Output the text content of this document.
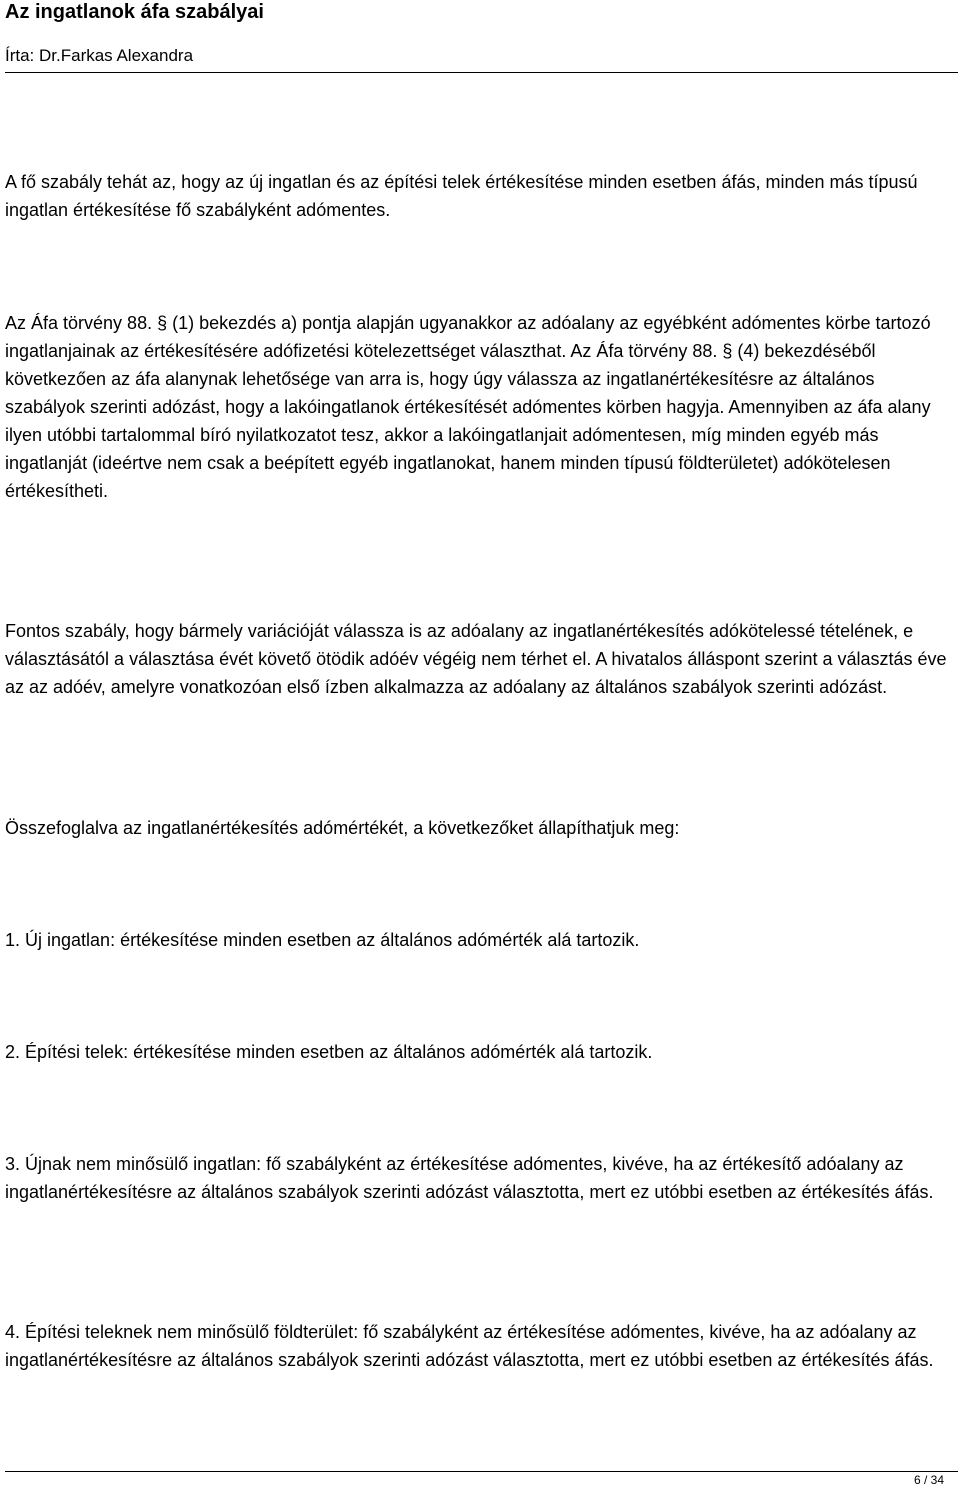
Az ingatlanok áfa szabályai
Írta: Dr.Farkas Alexandra

A fő szabály tehát az, hogy az új ingatlan és az építési telek értékesítése minden esetben áfás, minden más típusú ingatlan értékesítése fő szabályként adómentes.

Az Áfa törvény 88. § (1) bekezdés a) pontja alapján ugyanakkor az adóalany az egyébként adómentes körbe tartozó ingatlanjainak az értékesítésére adófizetési kötelezettséget választhat. Az Áfa törvény 88. § (4) bekezdéséből következően az áfa alanynak lehetősége van arra is, hogy úgy válassza az ingatlanértékesítésre az általános szabályok szerinti adózást, hogy a lakóingatlanok értékesítését adómentes körben hagyja. Amennyiben az áfa alany ilyen utóbbi tartalommal bíró nyilatkozatot tesz, akkor a lakóingatlanjait adómentesen, míg minden egyéb más ingatlanját (ideértve nem csak a beépített egyéb ingatlanokat, hanem minden típusú földterületet) adókötelesen értékesítheti.

Fontos szabály, hogy bármely variációját válassza is az adóalany az ingatlanértékesítés adókötelessé tételének, e választásától a választása évét követő ötödik adóév végéig nem térhet el. A hivatalos álláspont szerint a választás éve az az adóév, amelyre vonatkozóan első ízben alkalmazza az adóalany az általános szabályok szerinti adózást.

Összefoglalva az ingatlanértékesítés adómértékét, a következőket állapíthatjuk meg:

1. Új ingatlan: értékesítése minden esetben az általános adómérték alá tartozik.

2. Építési telek: értékesítése minden esetben az általános adómérték alá tartozik.

3. Újnak nem minősülő ingatlan: fő szabályként az értékesítése adómentes, kivéve, ha az értékesítő adóalany az ingatlanértékesítésre az általános szabályok szerinti adózást választotta, mert ez utóbbi esetben az értékesítés áfás.

4. Építési teleknek nem minősülő földterület: fő szabályként az értékesítése adómentes, kivéve, ha az adóalany az ingatlanértékesítésre az általános szabályok szerinti adózást választotta, mert ez utóbbi esetben az értékesítés áfás.

6 / 34
